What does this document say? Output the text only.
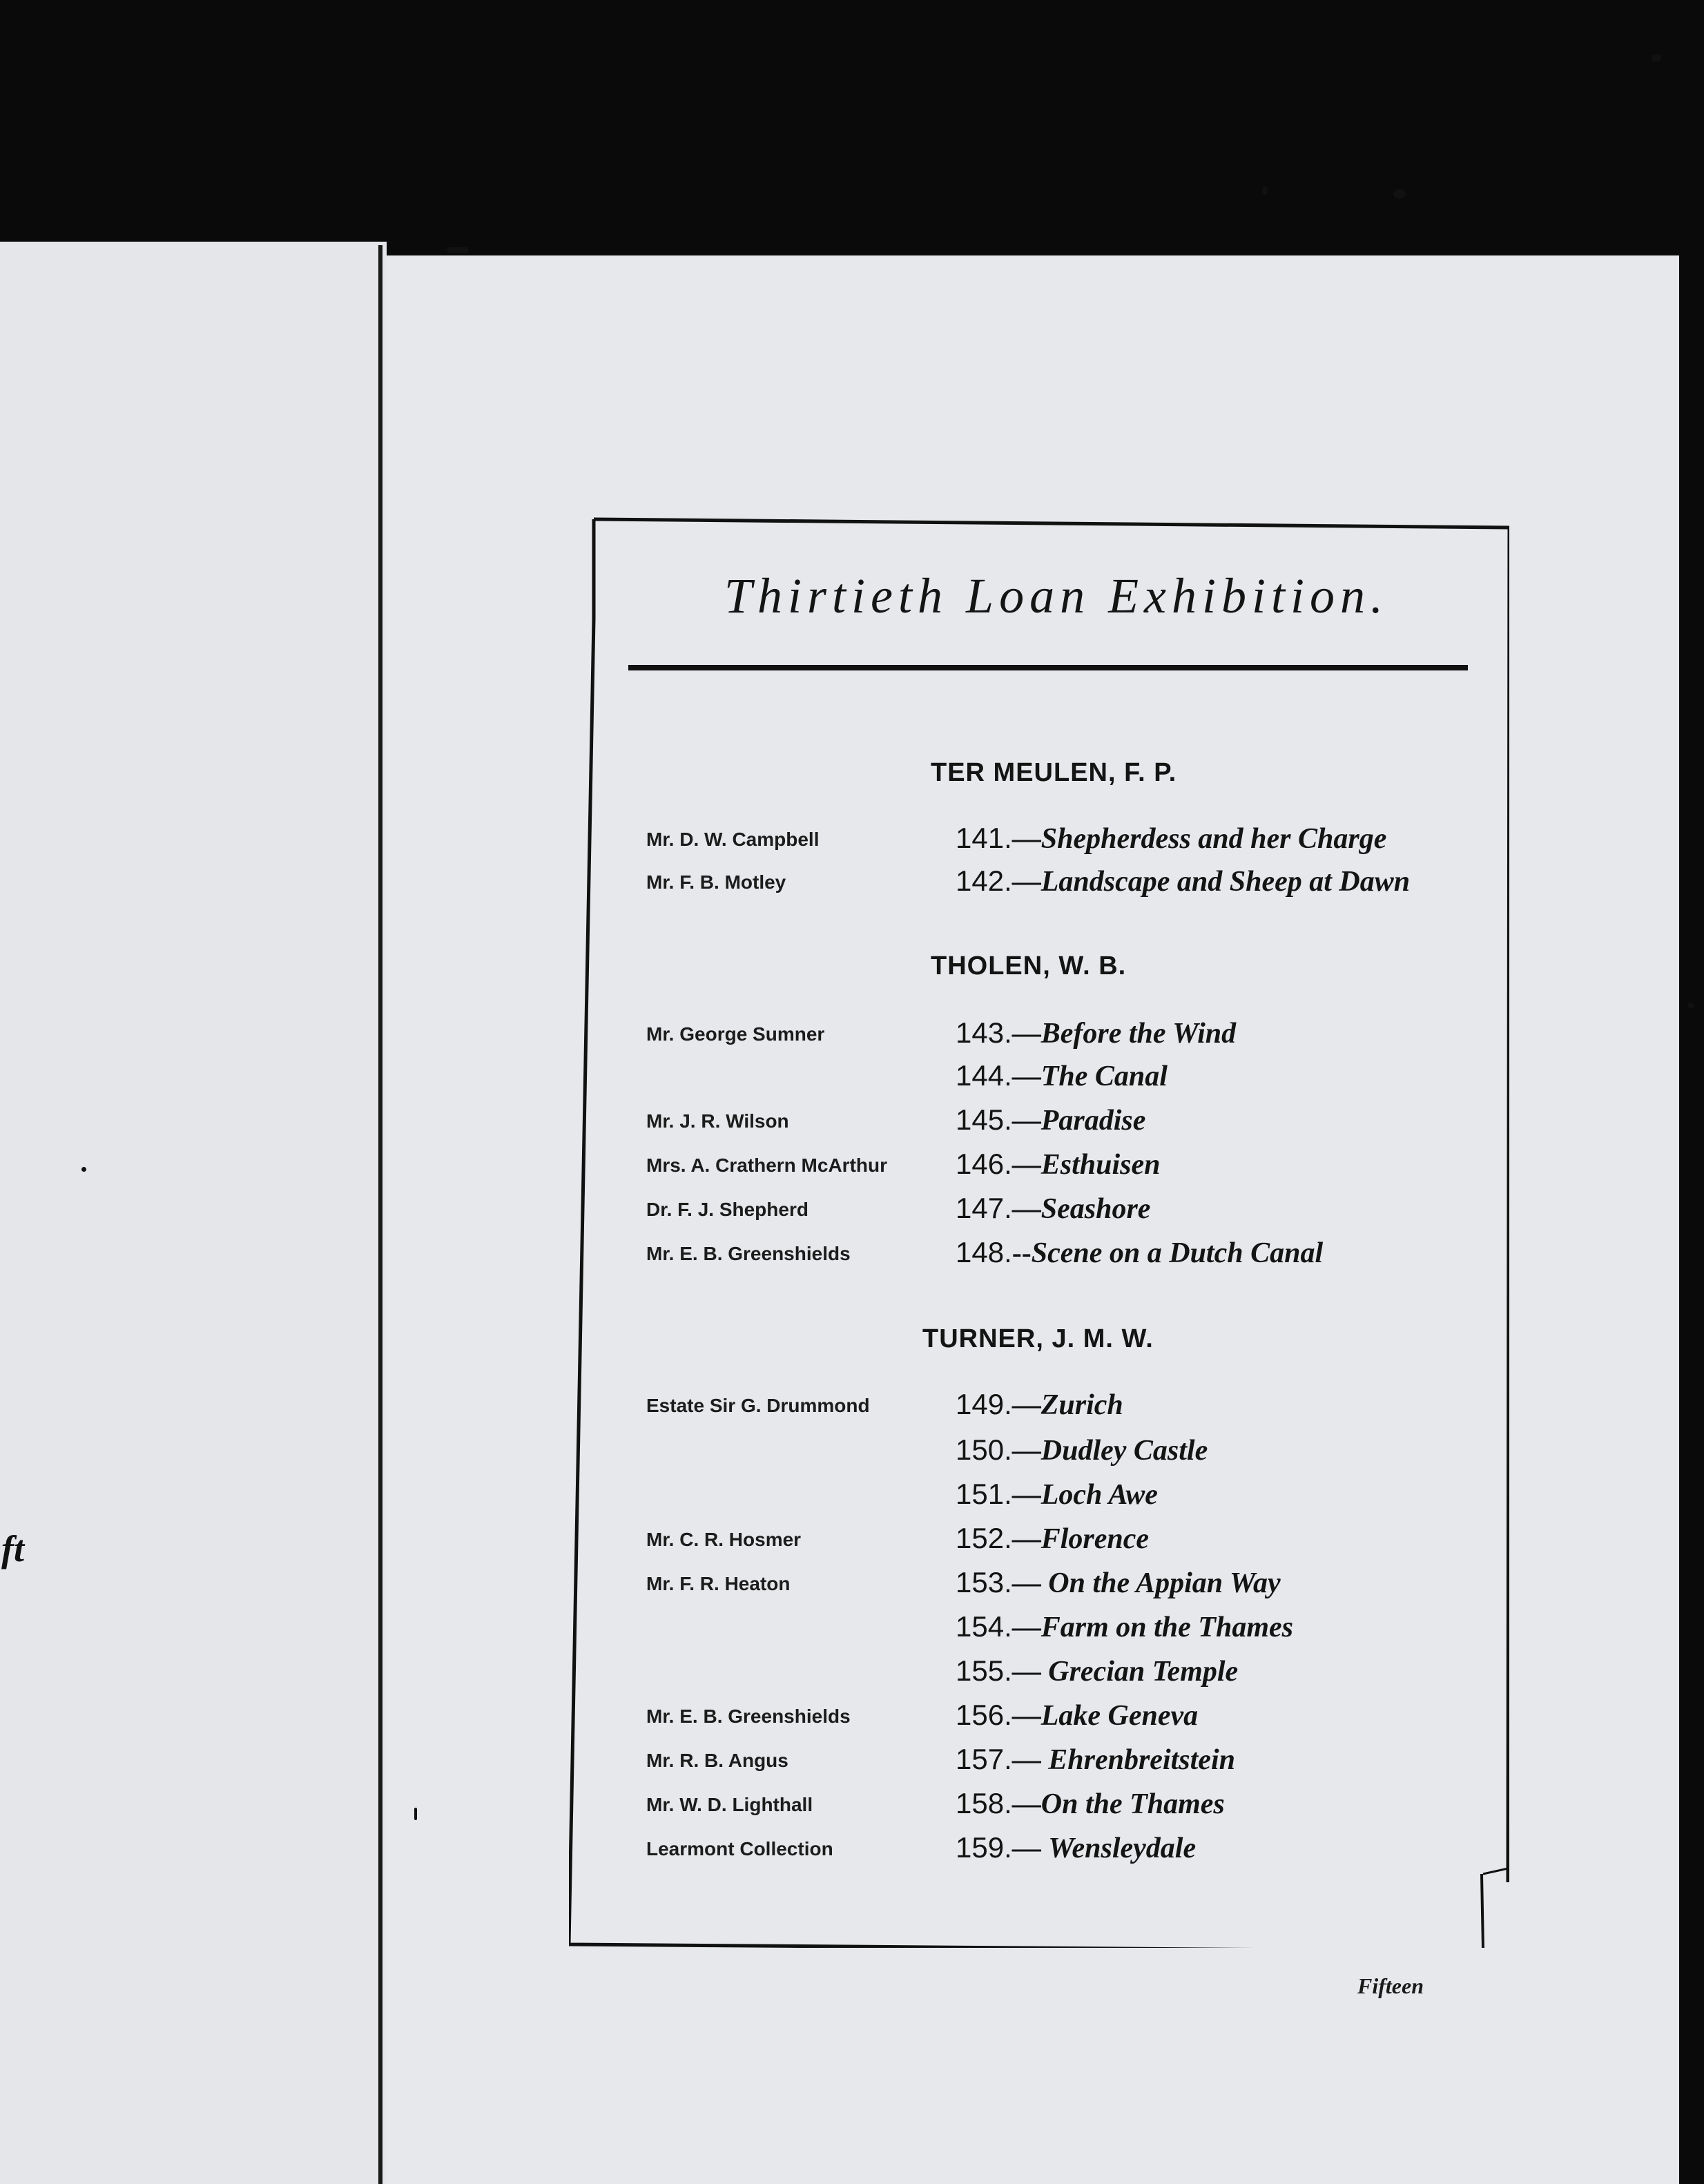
ft
Thirtieth Loan Exhibition.
TER MEULEN, F. P.
Mr. D. W. Campbell	141.—Shepherdess and her Charge
Mr. F. B. Motley	142.—Landscape and Sheep at Dawn
THOLEN, W. B.
Mr. George Sumner	143.—Before the Wind
144.—The Canal
Mr. J. R. Wilson	145.—Paradise
Mrs. A. Crathern McArthur 146.—Esthuisen
Dr. F. J. Shepherd	147.—Seashore
Mr. E. B. Greenshields	148.--Scene on a Dutch Canal
TURNER, J. M. W.
Estate Sir G. Drummond	149.—Zurich
150.—Dudley Castle
151.—Loch Awe
Mr. C. R. Hosmer	152.—Florence
Mr. F. R. Heaton	153.— On the Appian Way
154.—Farm on the Thames
155.— Grecian Temple
Mr. E. B. Greenshields	156.—Lake Geneva
Mr. R. B. Angus	157.— Ehrenbreitstein
Mr. W. D. Lighthall	158.—On the Thames
Learmont Collection	159.— Wensleydale
Fifteen
